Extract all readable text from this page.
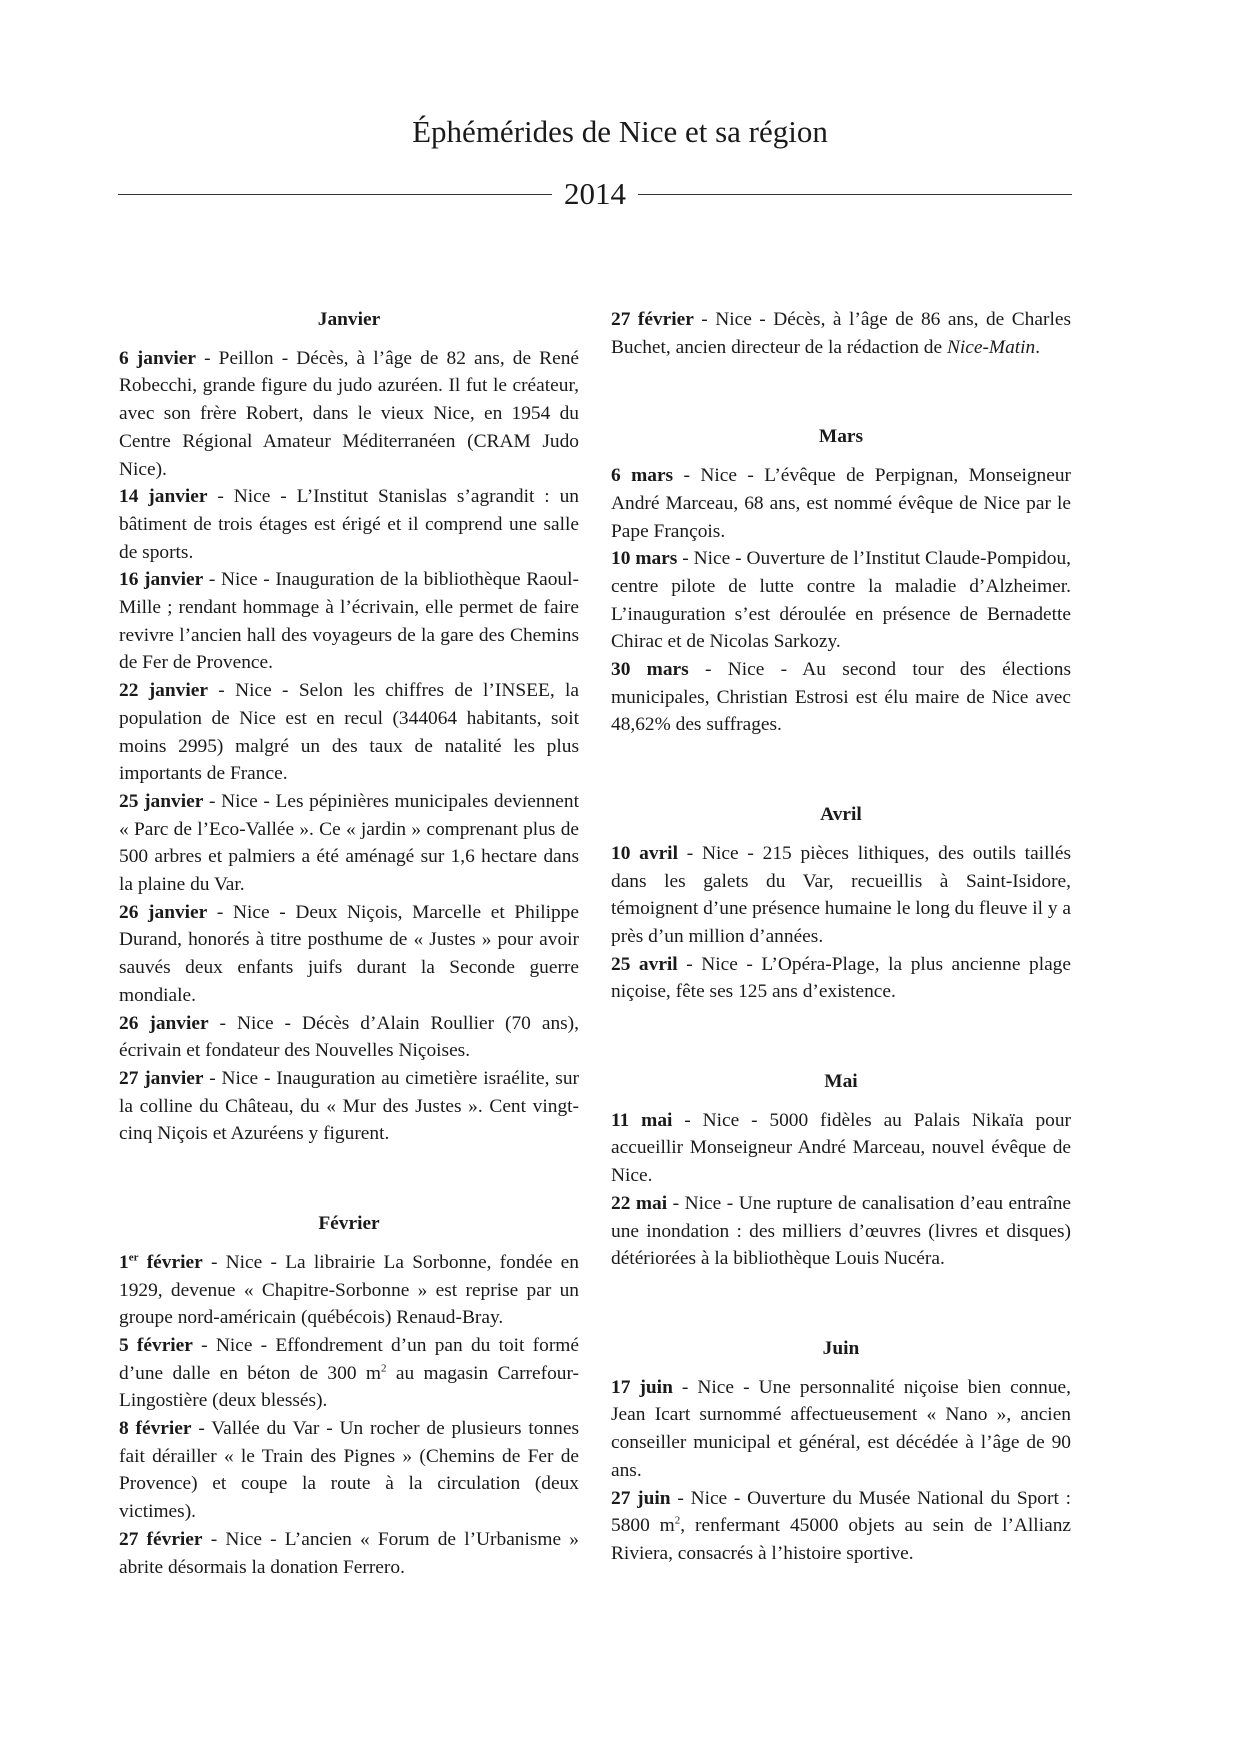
Éphémérides de Nice et sa région
2014

Janvier

6 janvier - Peillon - Décès, à l’âge de 82 ans, de René Robecchi, grande figure du judo azuréen. Il fut le créateur, avec son frère Robert, dans le vieux Nice, en 1954 du Centre Régional Amateur Méditerranéen (CRAM Judo Nice).

14 janvier - Nice - L’Institut Stanislas s’agrandit : un bâtiment de trois étages est érigé et il comprend une salle de sports.

16 janvier - Nice - Inauguration de la bibliothèque Raoul-Mille ; rendant hommage à l’écrivain, elle permet de faire revivre l’ancien hall des voyageurs de la gare des Chemins de Fer de Provence.

22 janvier - Nice - Selon les chiffres de l’INSEE, la population de Nice est en recul (344064 habitants, soit moins 2995) malgré un des taux de natalité les plus importants de France.

25 janvier - Nice - Les pépinières municipales deviennent « Parc de l’Eco-Vallée ». Ce « jardin » comprenant plus de 500 arbres et palmiers a été aménagé sur 1,6 hectare dans la plaine du Var.

26 janvier - Nice - Deux Niçois, Marcelle et Philippe Durand, honorés à titre posthume de « Justes » pour avoir sauvés deux enfants juifs durant la Seconde guerre mondiale.

26 janvier - Nice - Décès d’Alain Roullier (70 ans), écrivain et fondateur des Nouvelles Niçoises.

27 janvier - Nice - Inauguration au cimetière israélite, sur la colline du Château, du « Mur des Justes ». Cent vingt-cinq Niçois et Azuréens y figurent.

Février

1er février - Nice - La librairie La Sorbonne, fondée en 1929, devenue « Chapitre-Sorbonne » est reprise par un groupe nord-américain (québécois) Renaud-Bray.

5 février - Nice - Effondrement d’un pan du toit formé d’une dalle en béton de 300 $m^2$ au magasin Carrefour-Lingostière (deux blessés).

8 février - Vallée du Var - Un rocher de plusieurs tonnes fait dérailler « le Train des Pignes » (Chemins de Fer de Provence) et coupe la route à la circulation (deux victimes).

27 février - Nice - L’ancien « Forum de l’Urbanisme » abrite désormais la donation Ferrero.

27 février - Nice - Décès, à l’âge de 86 ans, de Charles Buchet, ancien directeur de la rédaction de Nice-Matin.

Mars

6 mars - Nice - L’évêque de Perpignan, Monseigneur André Marceau, 68 ans, est nommé évêque de Nice par le Pape François.

10 mars - Nice - Ouverture de l’Institut Claude-Pompidou, centre pilote de lutte contre la maladie d’Alzheimer. L’inauguration s’est déroulée en présence de Bernadette Chirac et de Nicolas Sarkozy.

30 mars - Nice - Au second tour des élections municipales, Christian Estrosi est élu maire de Nice avec 48,62% des suffrages.

Avril

10 avril - Nice - 215 pièces lithiques, des outils taillés dans les galets du Var, recueillis à Saint-Isidore, témoignent d’une présence humaine le long du fleuve il y a près d’un million d’années.

25 avril - Nice - L’Opéra-Plage, la plus ancienne plage niçoise, fête ses 125 ans d’existence.

Mai

11 mai - Nice - 5000 fidèles au Palais Nikaïa pour accueillir Monseigneur André Marceau, nouvel évêque de Nice.

22 mai - Nice - Une rupture de canalisation d’eau entraîne une inondation : des milliers d’œuvres (livres et disques) détériorées à la bibliothèque Louis Nucéra.

Juin

17 juin - Nice - Une personnalité niçoise bien connue, Jean Icart surnommé affectueusement « Nano », ancien conseiller municipal et général, est décédée à l’âge de 90 ans.

27 juin - Nice - Ouverture du Musée National du Sport : 5800 $m^2$, renfermant 45000 objets au sein de l’Allianz Riviera, consacrés à l’histoire sportive.
